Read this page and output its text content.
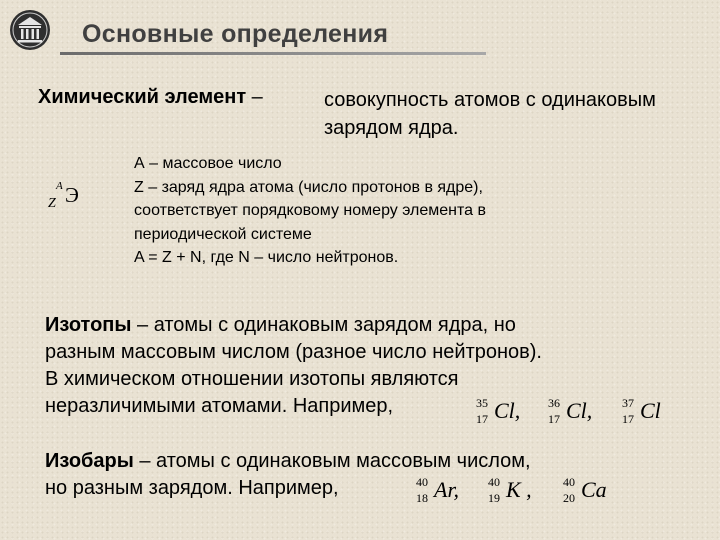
Основные определения
Химический элемент –	совокупность атомов с одинаковым зарядом ядра.
A
Z Э
А – массовое число
Z – заряд ядра атома (число протонов в ядре),
соответствует порядковому номеру элемента в
периодической системе
A = Z + N, где N – число нейтронов.
Изотопы – атомы с одинаковым зарядом ядра, но
разным массовым числом (разное число нейтронов).
В химическом отношении изотопы являются
неразличимыми атомами. Например,	35
17 Cl, 36
17 Cl, 37
17 Cl
Изобары – атомы с одинаковым массовым числом,
но разным зарядом. Например,	40
18 Ar, 40
19 K ,	40
20 Ca
